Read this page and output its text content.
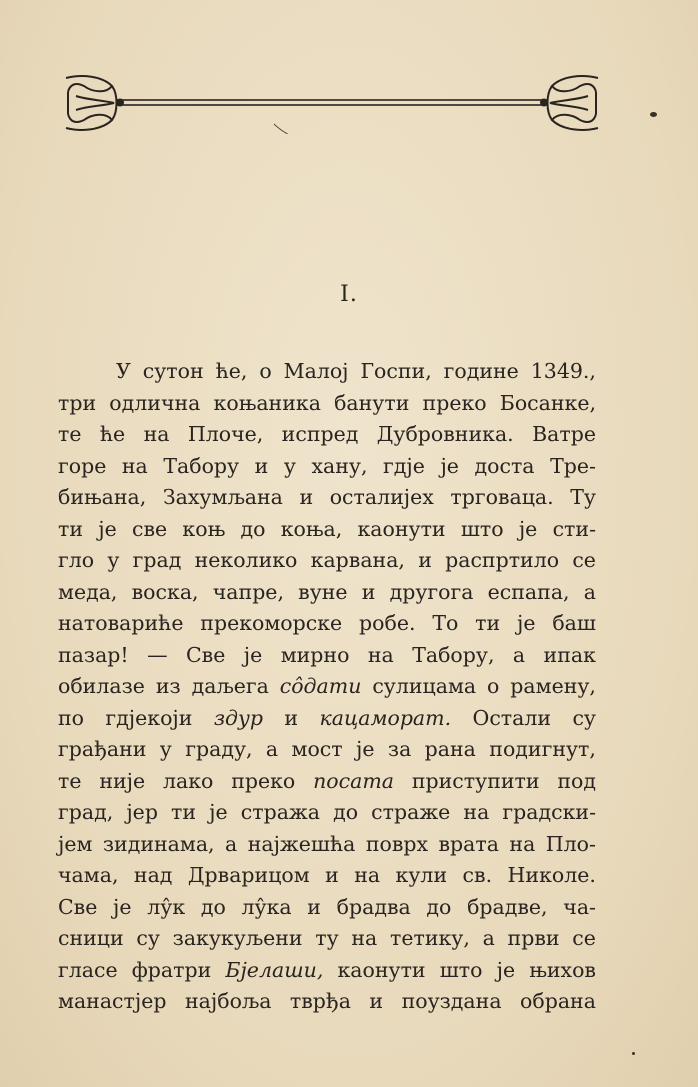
I.
У сутон ће, о Малој Госпи, године 1349.,
три одлична коњаника банути преко Босанке,
те ће на Плоче, испред Дубровника. Ватре
горе на Табору и у хану, гдје је доста Тре-
бињана, Захумљана и осталијех трговаца. Ту
ти је све коњ до коња, каонути што је сти-
гло у град неколико карвана, и распртило се
меда, воска, чапре, вуне и другога еспапа, а
натовариће прекоморске робе. То ти је баш
пазар! — Све је мирно на Табору, а ипак
обилазе из даљега сôдати сулицама о рамену,
по гдјекоји здур и кацаморат. Остали су
грађани у граду, а мост је за рана подигнут,
те није лако преко посата приступити под
град, јер ти је стража до страже на градски-
јем зидинама, а најжешћа поврх врата на Пло-
чама, над Дрварицом и на кули св. Николе.
Све је лу̂к до лу̂ка и брадва до брадве, ча-
сници су закукуљени ту на тетику, а први се
гласе фратри Бјелаши, каонути што је њихов
манастјер најбоља тврђа и поуздана обрана
